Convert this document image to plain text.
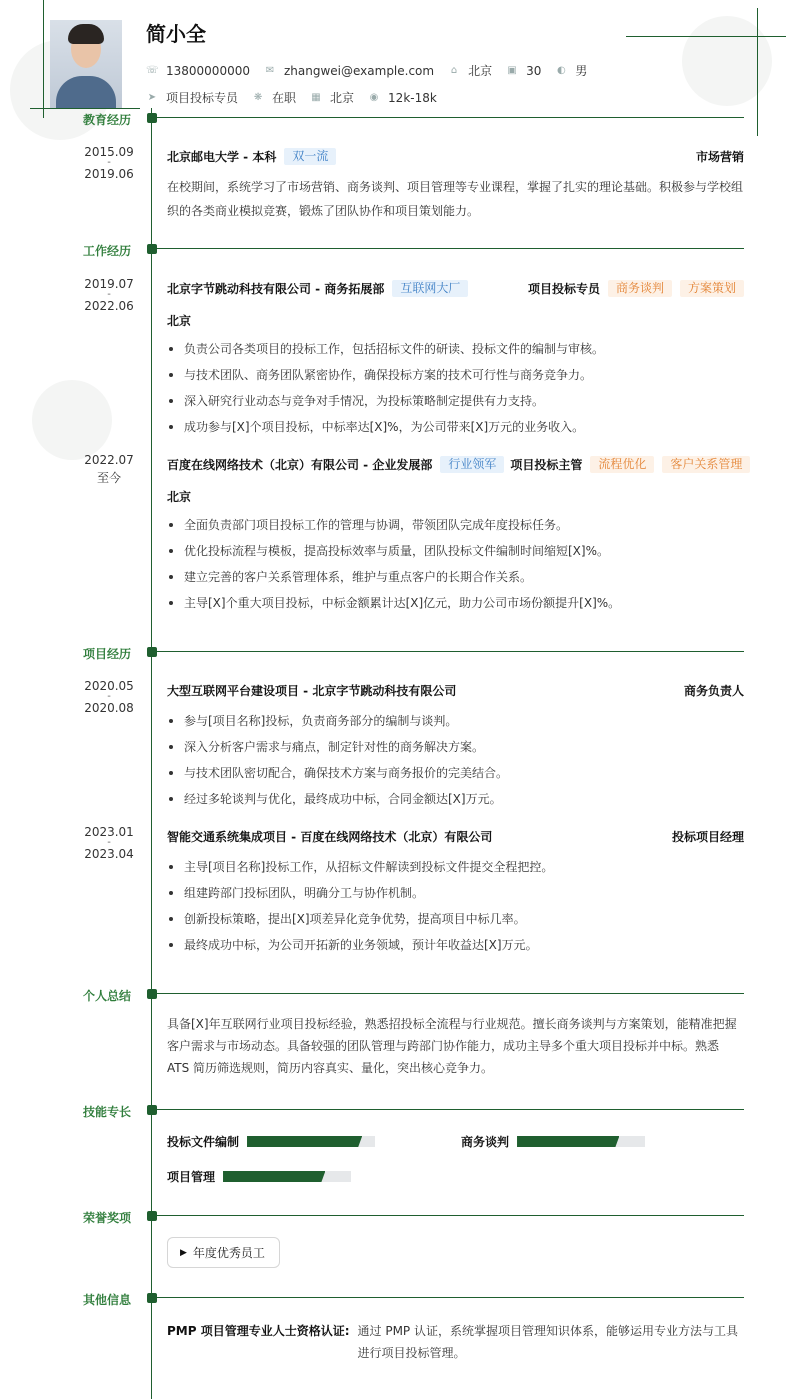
简小全
☏ 13800000000 ✉ zhangwei@example.com ⌂ 北京 ▣ 30 ◐ 男
➤ 项目投标专员 ❋ 在职 ▦ 北京 ◉ 12k-18k
教育经历
2015.09
-
2019.06
北京邮电大学 - 本科	双一流	市场营销
在校期间，系统学习了市场营销、商务谈判、项目管理等专业课程，掌握了扎实的理论基础。积极参与学校组织的各类商业模拟竞赛，锻炼了团队协作和项目策划能力。
工作经历
2019.07
-
2022.06
北京字节跳动科技有限公司 - 商务拓展部	互联网大厂	项目投标专员	商务谈判	方案策划
北京
负责公司各类项目的投标工作，包括招标文件的研读、投标文件的编制与审核。
与技术团队、商务团队紧密协作，确保投标方案的技术可行性与商务竞争力。
深入研究行业动态与竞争对手情况，为投标策略制定提供有力支持。
成功参与[X]个项目投标，中标率达[X]%，为公司带来[X]万元的业务收入。
2022.07
至今
百度在线网络技术（北京）有限公司 - 企业发展部	行业领军	项目投标主管	流程优化	客户关系管理
北京
全面负责部门项目投标工作的管理与协调，带领团队完成年度投标任务。
优化投标流程与模板，提高投标效率与质量，团队投标文件编制时间缩短[X]%。
建立完善的客户关系管理体系，维护与重点客户的长期合作关系。
主导[X]个重大项目投标，中标金额累计达[X]亿元，助力公司市场份额提升[X]%。
项目经历
2020.05
-
2020.08
大型互联网平台建设项目 - 北京字节跳动科技有限公司	商务负责人
参与[项目名称]投标，负责商务部分的编制与谈判。
深入分析客户需求与痛点，制定针对性的商务解决方案。
与技术团队密切配合，确保技术方案与商务报价的完美结合。
经过多轮谈判与优化，最终成功中标，合同金额达[X]万元。
2023.01
-
2023.04
智能交通系统集成项目 - 百度在线网络技术（北京）有限公司	投标项目经理
主导[项目名称]投标工作，从招标文件解读到投标文件提交全程把控。
组建跨部门投标团队，明确分工与协作机制。
创新投标策略，提出[X]项差异化竞争优势，提高项目中标几率。
最终成功中标，为公司开拓新的业务领域，预计年收益达[X]万元。
个人总结
具备[X]年互联网行业项目投标经验，熟悉招投标全流程与行业规范。擅长商务谈判与方案策划，能精准把握客户需求与市场动态。具备较强的团队管理与跨部门协作能力，成功主导多个重大项目投标并中标。熟悉 ATS 简历筛选规则，简历内容真实、量化，突出核心竞争力。
技能专长
投标文件编制	商务谈判
项目管理
荣誉奖项
▶ 年度优秀员工
其他信息
PMP 项目管理专业人士资格认证: 通过 PMP 认证，系统掌握项目管理知识体系，能够运用专业方法与工具进行项目投标管理。
